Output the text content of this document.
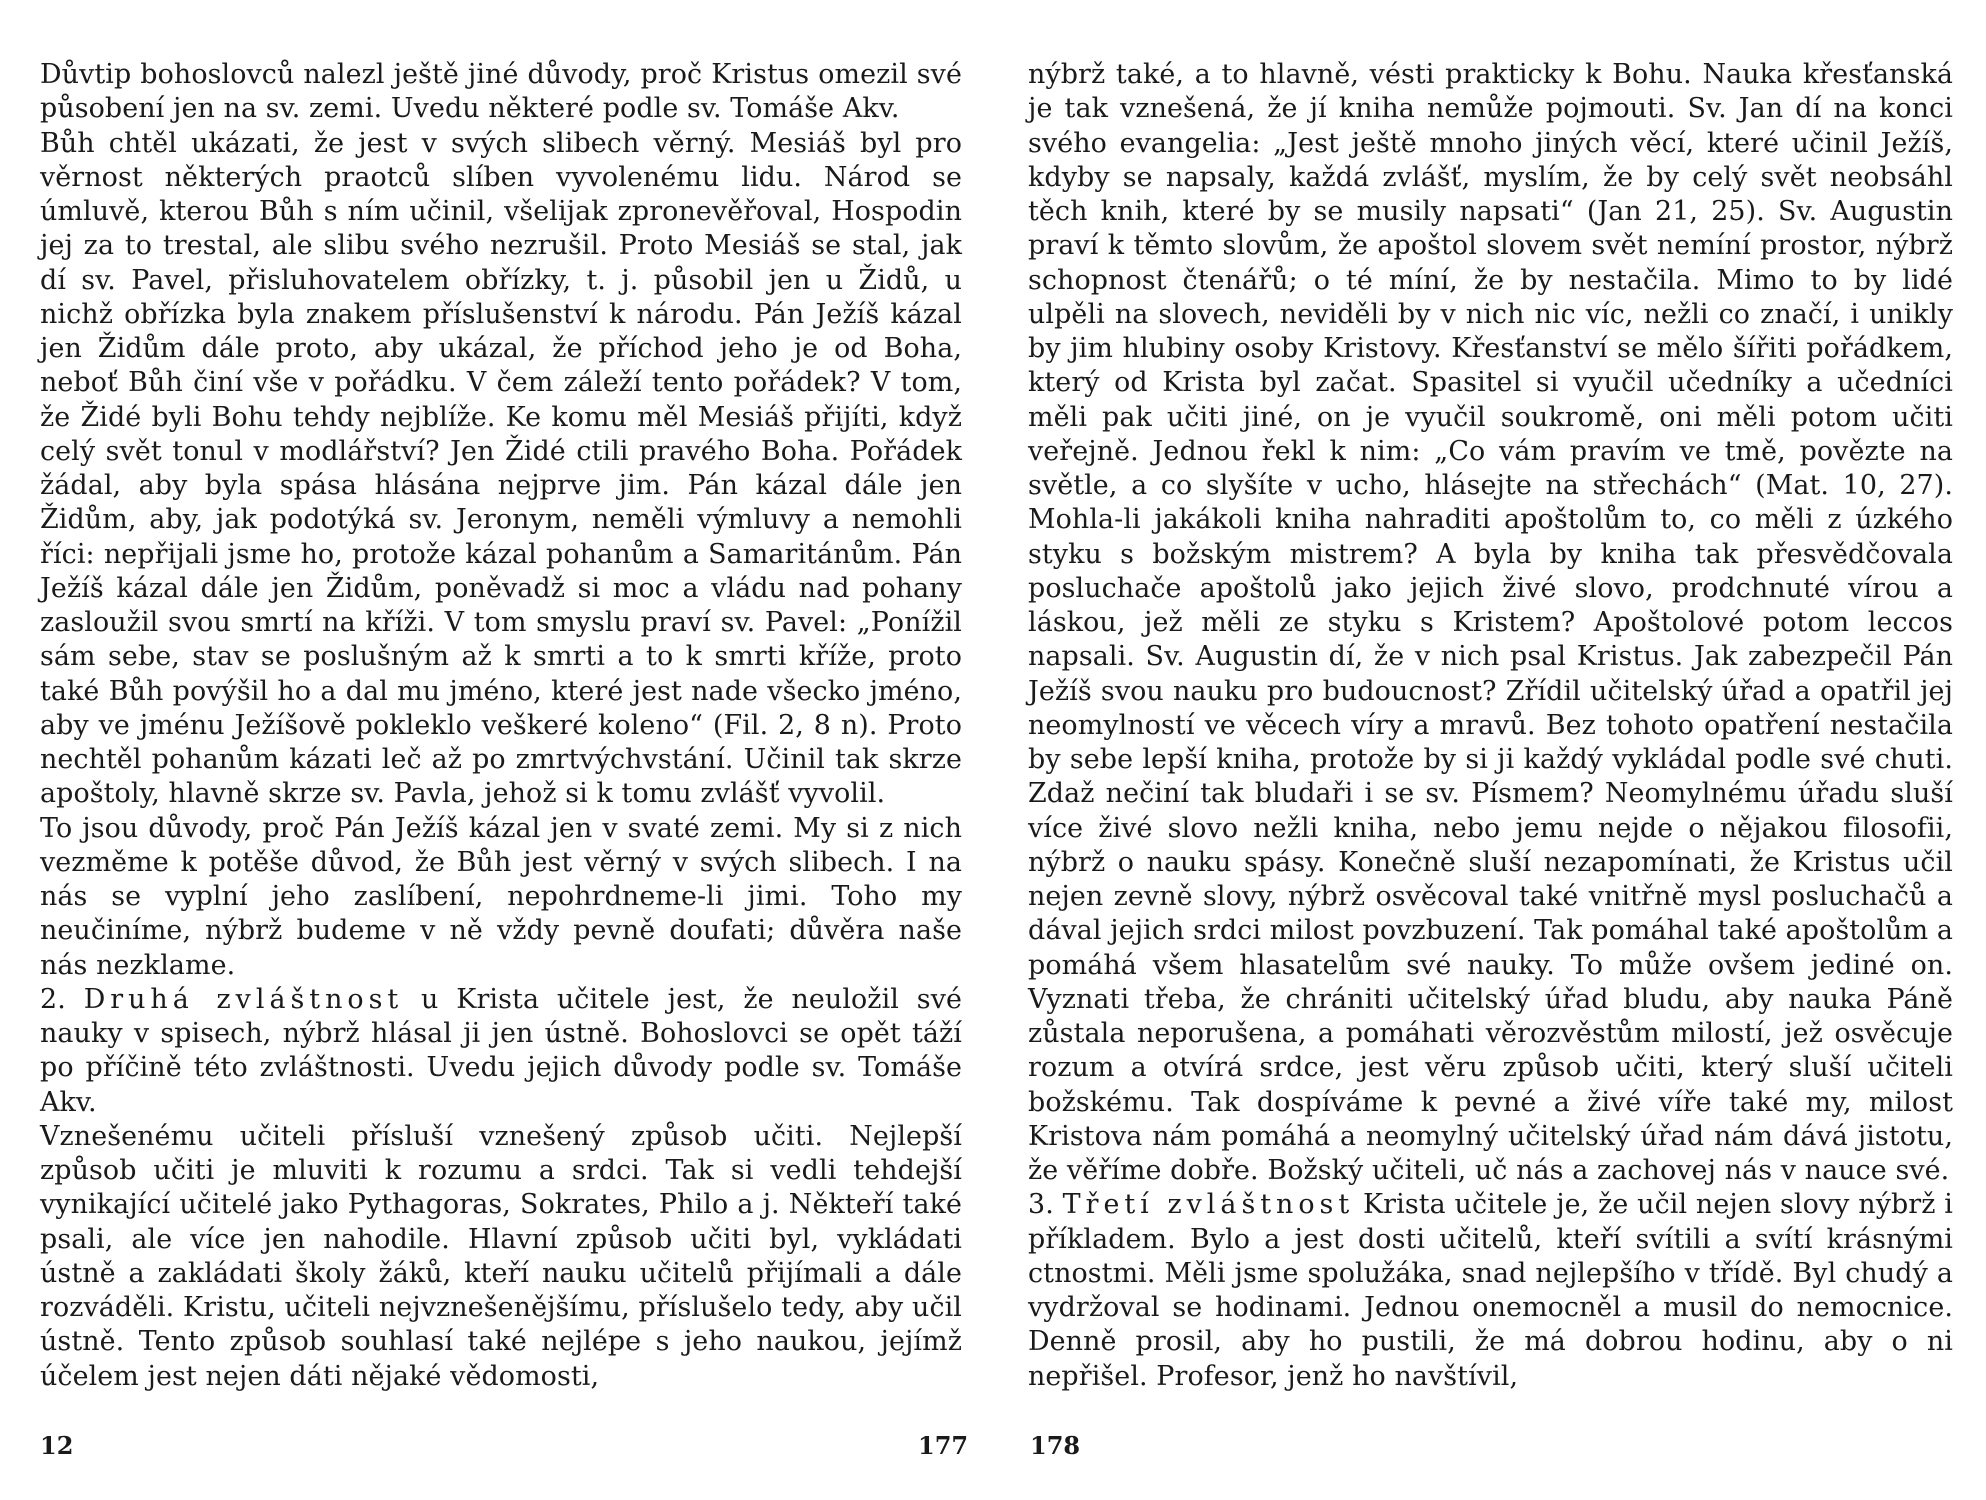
Důvtip bohoslovců nalezl ještě jiné důvody, proč Kristus omezil své působení jen na sv. zemi. Uvedu některé podle sv. Tomáše Akv.

Bůh chtěl ukázati, že jest v svých slibech věrný. Mesiáš byl pro věrnost některých praotců slíben vyvolenému lidu. Národ se úmluvě, kterou Bůh s ním učinil, všelijak zpronevěřoval, Hospodin jej za to trestal, ale slibu svého nezrušil. Proto Mesiáš se stal, jak dí sv. Pavel, přisluhovatelem obřízky, t. j. působil jen u Židů, u nichž obřízka byla znakem příslušenství k národu. Pán Ježíš kázal jen Židům dále proto, aby ukázal, že příchod jeho je od Boha, neboť Bůh činí vše v pořádku. V čem záleží tento pořádek? V tom, že Židé byli Bohu tehdy nejblíže. Ke komu měl Mesiáš přijíti, když celý svět tonul v modlářství? Jen Židé ctili pravého Boha. Pořádek žádal, aby byla spása hlásána nejprve jim. Pán kázal dále jen Židům, aby, jak podotýká sv. Jeronym, neměli výmluvy a nemohli říci: nepřijali jsme ho, protože kázal pohanům a Samaritánům. Pán Ježíš kázal dále jen Židům, poněvadž si moc a vládu nad pohany zasloužil svou smrtí na kříži. V tom smyslu praví sv. Pavel: „Ponížil sám sebe, stav se poslušným až k smrti a to k smrti kříže, proto také Bůh povýšil ho a dal mu jméno, které jest nade všecko jméno, aby ve jménu Ježíšově pokleklo veškeré koleno“ (Fil. 2, 8 n). Proto nechtěl pohanům kázati leč až po zmrtvýchvstání. Učinil tak skrze apoštoly, hlavně skrze sv. Pavla, jehož si k tomu zvlášť vyvolil.

To jsou důvody, proč Pán Ježíš kázal jen v svaté zemi. My si z nich vezměme k potěše důvod, že Bůh jest věrný v svých slibech. I na nás se vyplní jeho zaslíbení, nepohrdneme-li jimi. Toho my neučiníme, nýbrž budeme v ně vždy pevně doufati; důvěra naše nás nezklame.

2. Druhá zvláštnost u Krista učitele jest, že neuložil své nauky v spisech, nýbrž hlásal ji jen ústně. Bohoslovci se opět táží po příčině této zvláštnosti. Uvedu jejich důvody podle sv. Tomáše Akv.

Vznešenému učiteli přísluší vznešený způsob učiti. Nejlepší způsob učiti je mluviti k rozumu a srdci. Tak si vedli tehdejší vynikající učitelé jako Pythagoras, Sokrates, Philo a j. Někteří také psali, ale více jen nahodile. Hlavní způsob učiti byl, vykládati ústně a zakládati školy žáků, kteří nauku učitelů přijímali a dále rozváděli. Kristu, učiteli nejvznešenějšímu, příslušelo tedy, aby učil ústně. Tento způsob souhlasí také nejlépe s jeho naukou, jejímž účelem jest nejen dáti nějaké vědomosti,

nýbrž také, a to hlavně, vésti prakticky k Bohu. Nauka křesťanská je tak vznešená, že jí kniha nemůže pojmouti. Sv. Jan dí na konci svého evangelia: „Jest ještě mnoho jiných věcí, které učinil Ježíš, kdyby se napsaly, každá zvlášť, myslím, že by celý svět neobsáhl těch knih, které by se musily napsati“ (Jan 21, 25). Sv. Augustin praví k těmto slovům, že apoštol slovem svět nemíní prostor, nýbrž schopnost čtenářů; o té míní, že by nestačila. Mimo to by lidé ulpěli na slovech, neviděli by v nich nic víc, nežli co značí, i unikly by jim hlubiny osoby Kristovy. Křesťanství se mělo šířiti pořádkem, který od Krista byl začat. Spasitel si vyučil učedníky a učedníci měli pak učiti jiné, on je vyučil soukromě, oni měli potom učiti veřejně. Jednou řekl k nim: „Co vám pravím ve tmě, povězte na světle, a co slyšíte v ucho, hlásejte na střechách“ (Mat. 10, 27). Mohla-li jakákoli kniha nahraditi apoštolům to, co měli z úzkého styku s božským mistrem? A byla by kniha tak přesvědčovala posluchače apoštolů jako jejich živé slovo, prodchnuté vírou a láskou, jež měli ze styku s Kristem? Apoštolové potom leccos napsali. Sv. Augustin dí, že v nich psal Kristus. Jak zabezpečil Pán Ježíš svou nauku pro budoucnost? Zřídil učitelský úřad a opatřil jej neomylností ve věcech víry a mravů. Bez tohoto opatření nestačila by sebe lepší kniha, protože by si ji každý vykládal podle své chuti. Zdaž nečiní tak bludaři i se sv. Písmem? Neomylnému úřadu sluší více živé slovo nežli kniha, nebo jemu nejde o nějakou filosofii, nýbrž o nauku spásy. Konečně sluší nezapomínati, že Kristus učil nejen zevně slovy, nýbrž osvěcoval také vnitřně mysl posluchačů a dával jejich srdci milost povzbuzení. Tak pomáhal také apoštolům a pomáhá všem hlasatelům své nauky. To může ovšem jediné on. Vyznati třeba, že chrániti učitelský úřad bludu, aby nauka Páně zůstala neporušena, a pomáhati věrozvěstům milostí, jež osvěcuje rozum a otvírá srdce, jest věru způsob učiti, který sluší učiteli božskému. Tak dospíváme k pevné a živé víře také my, milost Kristova nám pomáhá a neomylný učitelský úřad nám dává jistotu, že věříme dobře. Božský učiteli, uč nás a zachovej nás v nauce své.

3. Třetí zvláštnost Krista učitele je, že učil nejen slovy nýbrž i příkladem. Bylo a jest dosti učitelů, kteří svítili a svítí krásnými ctnostmi. Měli jsme spolužáka, snad nejlepšího v třídě. Byl chudý a vydržoval se hodinami. Jednou onemocněl a musil do nemocnice. Denně prosil, aby ho pustili, že má dobrou hodinu, aby o ni nepřišel. Profesor, jenž ho navštívil,

12	177	178
